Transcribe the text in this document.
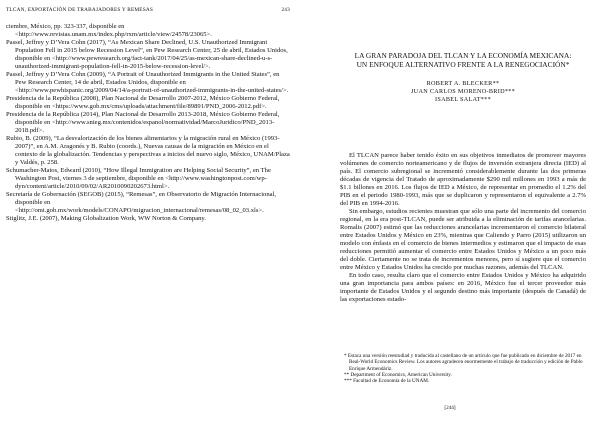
TLCAN, EXPORTACIÓN DE TRABAJADORES Y REMESAS	243
ciembre, México, pp. 323-337, disponible en <http://www.revistas.unam.mx/index.php/rxm/article/view/24578/23065>.
Passel, Jeffrey y D’Vera Cohn (2017), “As Mexican Share Declined, U.S. Unauthorized Immigrant Population Fell in 2015 below Recession Level”, en Pew Research Center, 25 de abril, Estados Unidos, disponible en <http://www.pewresearch.org/fact-tank/2017/04/25/as-mexican-share-declined-u-s-unauthorized-immigrant-population-fell-in-2015-below-recession-level/>.
Passel, Jeffrey y D’Vera Cohn (2009), “A Portrait of Unauthorized Immigrants in the United States”, en Pew Research Center, 14 de abril, Estados Unidos, disponible en <http://www.pewhispanic.org/2009/04/14/a-portrait-of-unauthorized-immigrants-in-the-united-states/>.
Presidencia de la República (2008), Plan Nacional de Desarrollo 2007-2012, México Gobierno Federal, disponible en <https://www.gob.mx/cms/uploads/attachment/file/89891/PND_2006-2012.pdf>.
Presidencia de la República (2014), Plan Nacional de Desarrollo 2013-2018, México Gobierno Federal, disponible en <http://www.snieg.mx/contenidos/espanol/normatividad/MarcoJuridico/PND_2013-2018.pdf>.
Rubio, B. (2009), “La desvalorización de los bienes alimentarios y la migración rural en México (1993-2007)”, en A.M. Aragonés y B. Rubio (coords.), Nuevas causas de la migración en México en el contexto de la globalización. Tendencias y perspectivas a inicios del nuevo siglo, México, UNAM/Plaza y Valdés, p. 258.
Schumacher-Matos, Edward (2010), “How Illegal Immigration are Helping Social Security”, en The Washington Post, viernes 3 de septiembre, disponible en <http://www.washingtonpost.com/wp-dyn/content/article/2010/09/02/AR2010090202673.html>.
Secretaría de Gobernación (SEGOB) (2015), “Remesas”, en Observatorio de Migración Internacional, disponible en <http://omi.gob.mx/work/models/CONAPO/migracion_internacional/remesas/08_02_03.xls>.
Stiglitz, J.E. (2007), Making Globalization Work, WW Norton & Company.
LA GRAN PARADOJA DEL TLCAN Y LA ECONOMÍA MEXICANA:
UN ENFOQUE ALTERNATIVO FRENTE A LA RENEGOCIACIÓN*
ROBERT A. BLECKER**
JUAN CARLOS MORENO-BRID***
ISABEL SALAT***

El TLCAN parece haber tenido éxito en sus objetivos inmediatos de promover mayores volúmenes de comercio norteamericano y de flujos de inversión extranjera directa (IED) al país. El comercio subregional se incrementó considerablemente durante las dos primeras décadas de vigencia del Tratado de aproximadamente $290 mil millones en 1993 a más de $1.1 billones en 2016. Los flujos de IED a México, de representar en promedio el 1.2% del PIB en el periodo 1980-1993, más que se duplicaron y representaron el equivalente a 2.7% del PIB en 1994-2016.

Sin embargo, estudios recientes muestran que sólo una parte del incremento del comercio regional, en la era post-TLCAN, puede ser atribuida a la eliminación de tarifas arancelarias. Romalis (2007) estimó que las reducciones arancelarias incrementaron el comercio bilateral entre Estados Unidos y México en 23%, mientras que Caliendo y Parro (2015) utilizaron un modelo con énfasis en el comercio de bienes intermedios y estimaron que el impacto de esas reducciones permitió aumentar el comercio entre Estados Unidos y México a un poco más del doble. Ciertamente no se trata de incrementos menores, pero sí sugiere que el comercio entre México y Estados Unidos ha crecido por muchas razones, además del TLCAN.

En todo caso, resulta claro que el comercio entre Estados Unidos y México ha adquirido una gran importancia para ambos países: en 2016, México fue el tercer proveedor más importante de Estados Unidos y el segundo destino más importante (después de Canadá) de las exportaciones estado-

* Estaca una versión reestudiad y traducida al castellano de un artículo que fue publicado en diciembre de 2017 en Real-World Economics Review. Los autores agradecen enormemente el trabajo de traducción y edición de Pablo Enrique Armendáriz.
** Department of Economics, American University.
*** Facultad de Economía de la UNAM.
[244]
